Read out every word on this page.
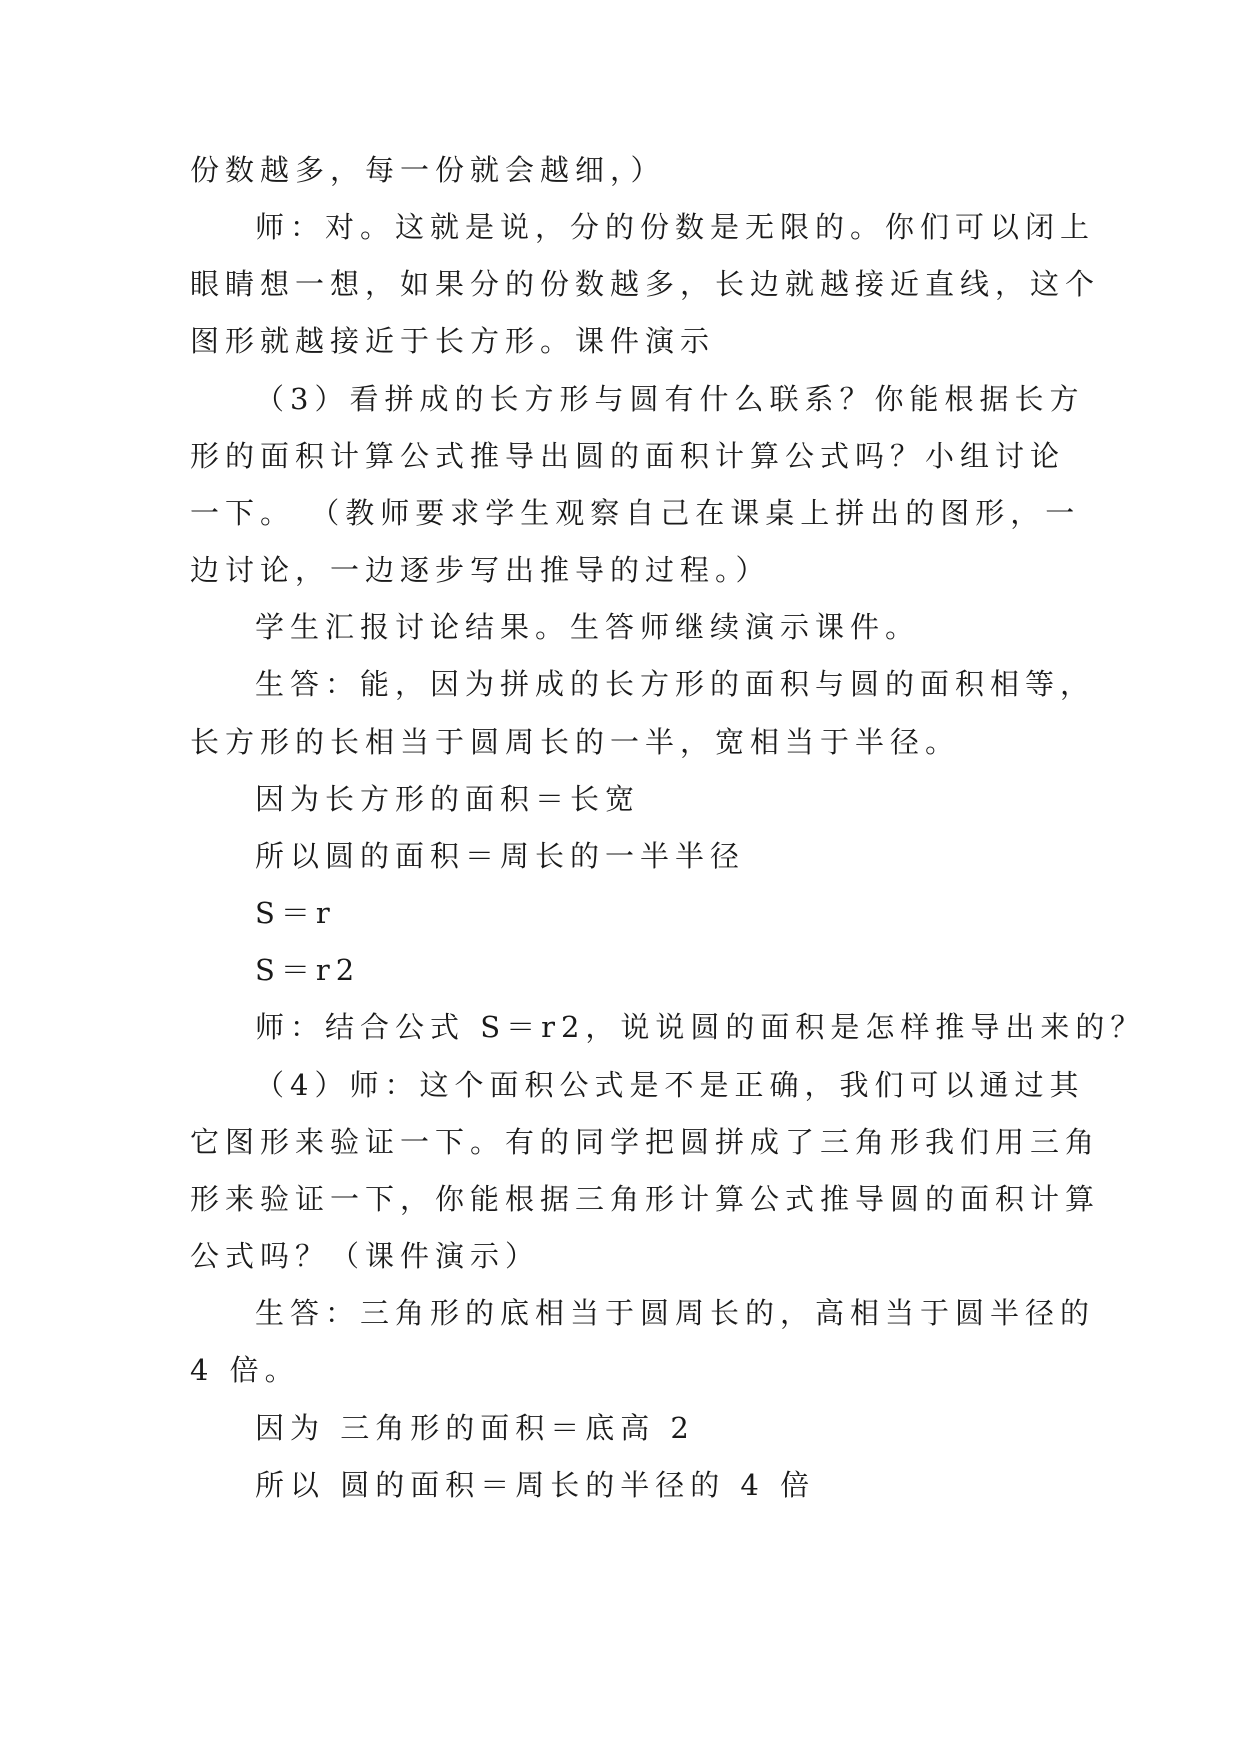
份数越多，每一份就会越细，）
师：对。这就是说，分的份数是无限的。你们可以闭上
眼睛想一想，如果分的份数越多，长边就越接近直线，这个
图形就越接近于长方形。课件演示
（3）看拼成的长方形与圆有什么联系？你能根据长方
形的面积计算公式推导出圆的面积计算公式吗？小组讨论
一下。 （教师要求学生观察自己在课桌上拼出的图形，一
边讨论，一边逐步写出推导的过程。）
学生汇报讨论结果。生答师继续演示课件。
生答：能，因为拼成的长方形的面积与圆的面积相等，
长方形的长相当于圆周长的一半，宽相当于半径。
因为长方形的面积＝长宽
所以圆的面积＝周长的一半半径
S＝r
S＝r2
师：结合公式 S＝r2，说说圆的面积是怎样推导出来的？
（4）师：这个面积公式是不是正确，我们可以通过其
它图形来验证一下。有的同学把圆拼成了三角形我们用三角
形来验证一下，你能根据三角形计算公式推导圆的面积计算
公式吗？（课件演示）
生答：三角形的底相当于圆周长的，高相当于圆半径的
4 倍。
因为 三角形的面积＝底高 2
所以 圆的面积＝周长的半径的 4 倍
